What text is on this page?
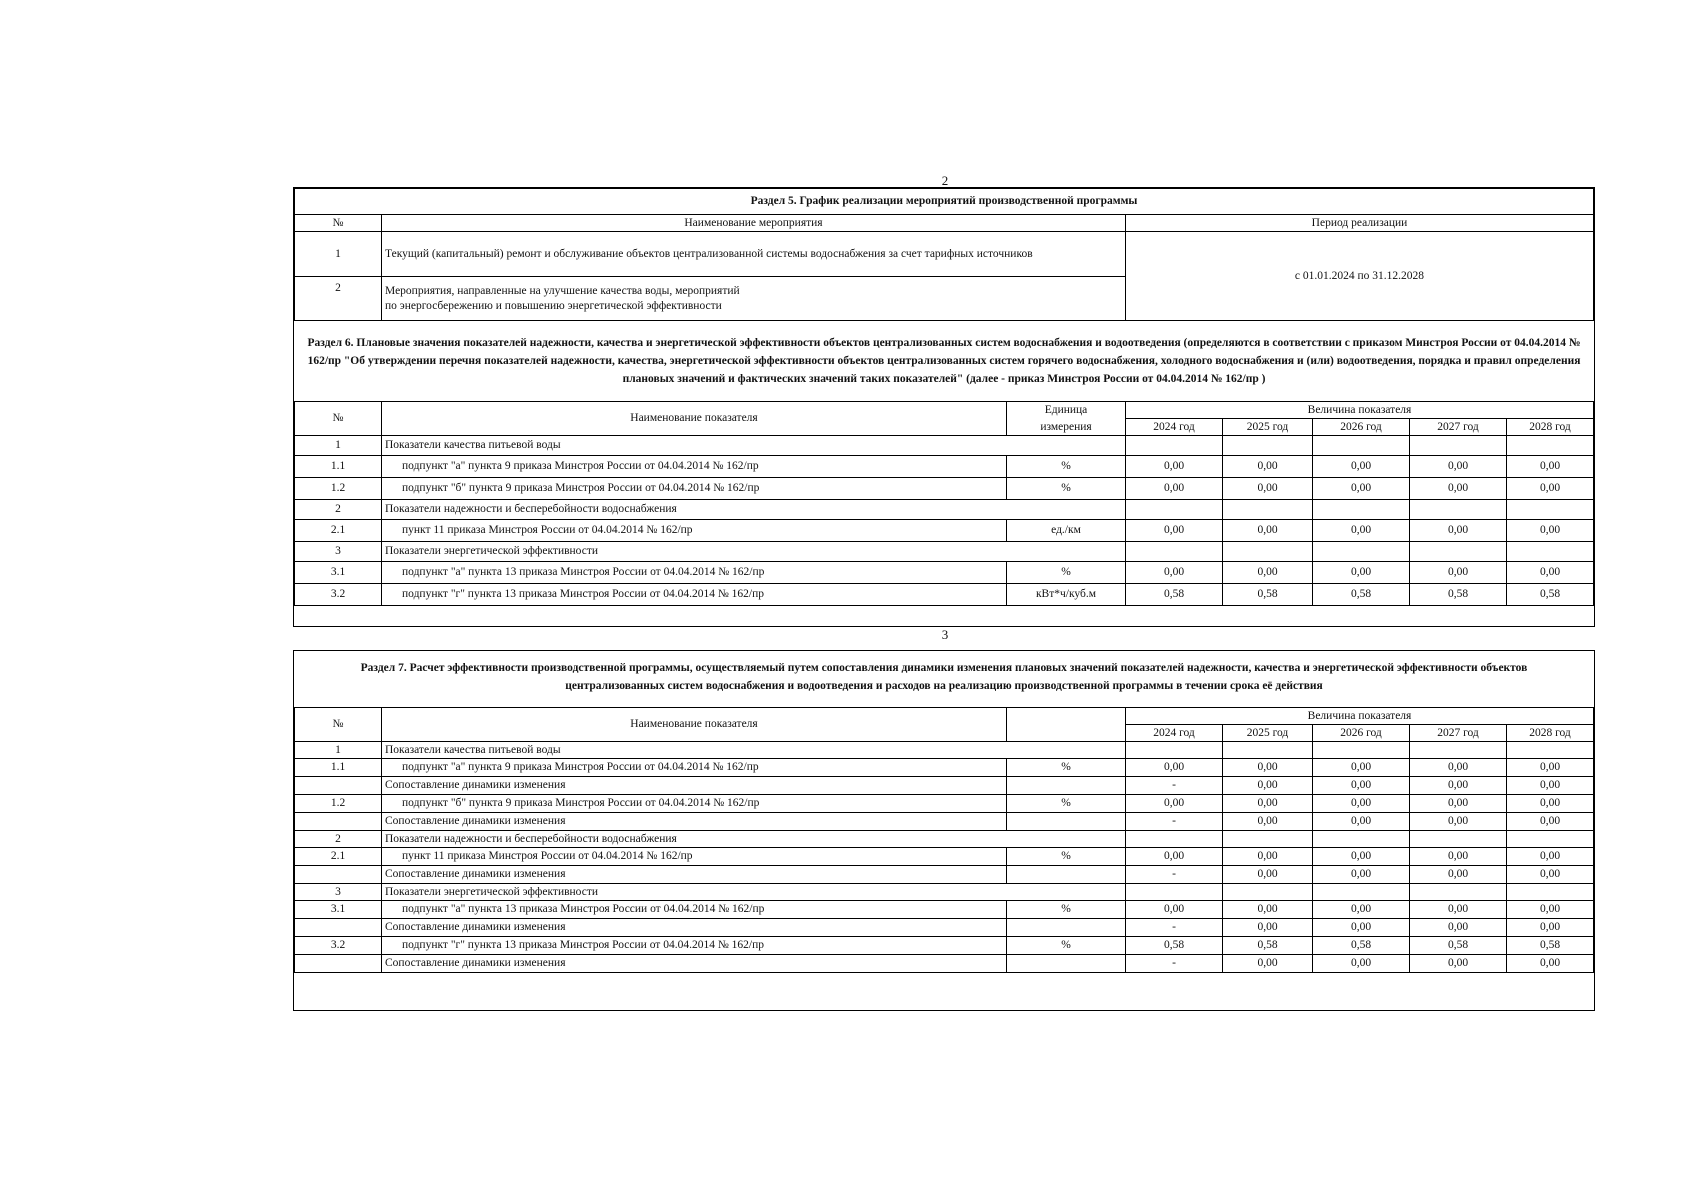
2
Раздел 5. График реализации мероприятий производственной программы		
№	Наименование мероприятия	Период реализации
1	Текущий (капитальный) ремонт и обслуживание объектов централизованной системы водоснабжения за счет тарифных источников	с 01.01.2024 по 31.12.2028
2	Мероприятия, направленные на улучшение качества воды, мероприятий
по энергосбережению и повышению энергетической эффективности	
Раздел 6. Плановые значения показателей надежности, качества и энергетической эффективности объектов централизованных систем водоснабжения и водоотведения (определяются в соответствии с приказом Минстроя России от 04.04.2014 № 162/пр "Об утверждении перечня показателей надежности, качества, энергетической эффективности объектов централизованных систем горячего водоснабжения, холодного водоснабжения и (или) водоотведения, порядка и правил определения плановых значений и фактических значений таких показателей" (далее - приказ Минстроя России от 04.04.2014 № 162/пр )
№	Наименование показателя	Единица	Величина показателя				
		измерения	2024 год	2025 год	2026 год	2027 год	2028 год
1	Показатели качества питьевой воды						
1.1	подпункт "а" пункта 9 приказа Минстроя России от 04.04.2014 № 162/пр	%	0,00	0,00	0,00	0,00	0,00
1.2	подпункт "б" пункта 9 приказа Минстроя России от 04.04.2014 № 162/пр	%	0,00	0,00	0,00	0,00	0,00
2	Показатели надежности и бесперебойности водоснабжения						
2.1	пункт 11 приказа Минстроя России от 04.04.2014 № 162/пр	ед./км	0,00	0,00	0,00	0,00	0,00
3	Показатели энергетической эффективности						
3.1	подпункт "а" пункта 13 приказа Минстроя России от 04.04.2014 № 162/пр	%	0,00	0,00	0,00	0,00	0,00
3.2	подпункт "г" пункта 13 приказа Минстроя России от 04.04.2014 № 162/пр	кВт*ч/куб.м	0,58	0,58	0,58	0,58	0,58
3
Раздел 7. Расчет эффективности производственной программы, осуществляемый путем сопоставления динамики изменения плановых значений показателей надежности, качества и энергетической эффективности объектов централизованных систем водоснабжения и водоотведения и расходов на реализацию производственной программы в течении срока её действия
№	Наименование показателя		Величина показателя				
			2024 год	2025 год	2026 год	2027 год	2028 год
1	Показатели качества питьевой воды						
1.1	подпункт "а" пункта 9 приказа Минстроя России от 04.04.2014 № 162/пр	%	0,00	0,00	0,00	0,00	0,00
	Сопоставление динамики изменения		-	0,00	0,00	0,00	0,00
1.2	подпункт "б" пункта 9 приказа Минстроя России от 04.04.2014 № 162/пр	%	0,00	0,00	0,00	0,00	0,00
	Сопоставление динамики изменения		-	0,00	0,00	0,00	0,00
2	Показатели надежности и бесперебойности водоснабжения						
2.1	пункт 11 приказа Минстроя России от 04.04.2014 № 162/пр	%	0,00	0,00	0,00	0,00	0,00
	Сопоставление динамики изменения		-	0,00	0,00	0,00	0,00
3	Показатели энергетической эффективности						
3.1	подпункт "а" пункта 13 приказа Минстроя России от 04.04.2014 № 162/пр	%	0,00	0,00	0,00	0,00	0,00
	Сопоставление динамики изменения		-	0,00	0,00	0,00	0,00
3.2	подпункт "г" пункта 13 приказа Минстроя России от 04.04.2014 № 162/пр	%	0,58	0,58	0,58	0,58	0,58
	Сопоставление динамики изменения		-	0,00	0,00	0,00	0,00
